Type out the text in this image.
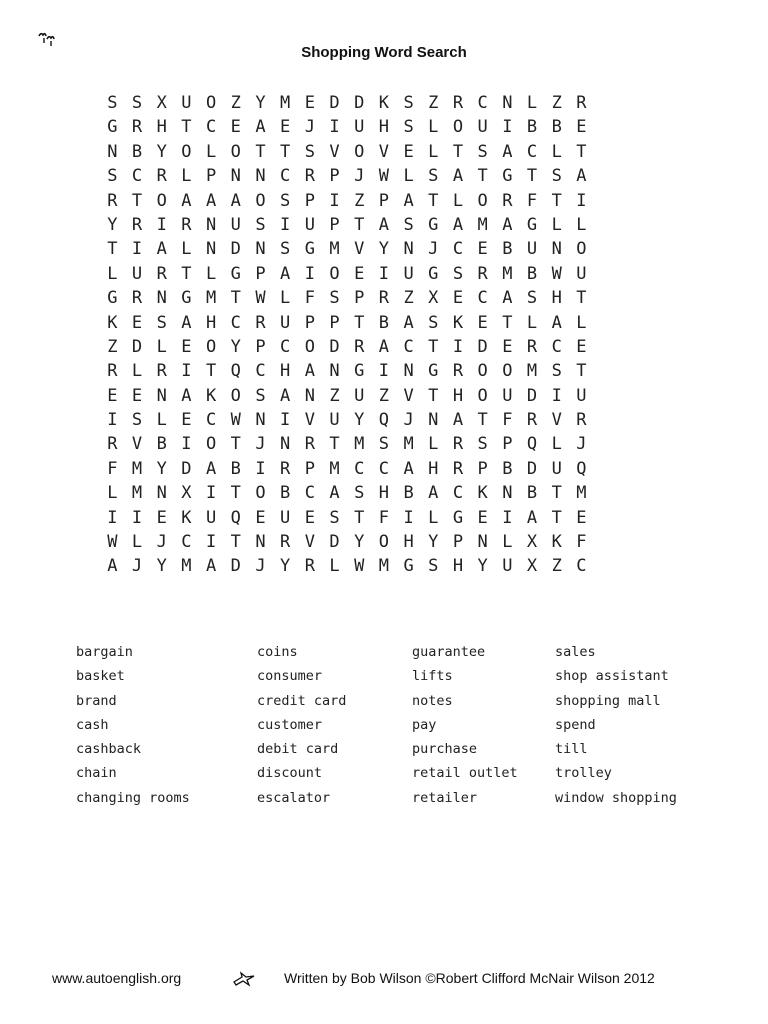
Shopping Word Search
S S X U O Z Y M E D D K S Z R C N L Z R
G R H T C E A E J I U H S L O U I B B E
N B Y O L O T T S V O V E L T S A C L T
S C R L P N N C R P J W L S A T G T S A
R T O A A A O S P I Z P A T L O R F T I
Y R I R N U S I U P T A S G A M A G L L
T I A L N D N S G M V Y N J C E B U N O
L U R T L G P A I O E I U G S R M B W U
G R N G M T W L F S P R Z X E C A S H T
K E S A H C R U P P T B A S K E T L A L
Z D L E O Y P C O D R A C T I D E R C E
R L R I T Q C H A N G I N G R O O M S T
E E N A K O S A N Z U Z V T H O U D I U
I S L E C W N I V U Y Q J N A T F R V R
R V B I O T J N R T M S M L R S P Q L J
F M Y D A B I R P M C C A H R P B D U Q
L M N X I T O B C A S H B A C K N B T M
I I E K U Q E U E S T F I L G E I A T E
W L J C I T N R V D Y O H Y P N L X K F
A J Y M A D J Y R L W M G S H Y U X Z C
bargain
basket
brand
cash
cashback
chain
changing rooms
coins
consumer
credit card
customer
debit card
discount
escalator
guarantee
lifts
notes
pay
purchase
retail outlet
retailer
sales
shop assistant
shopping mall
spend
till
trolley
window shopping
www.autoenglish.org	Written by Bob Wilson ©Robert Clifford McNair Wilson 2012
